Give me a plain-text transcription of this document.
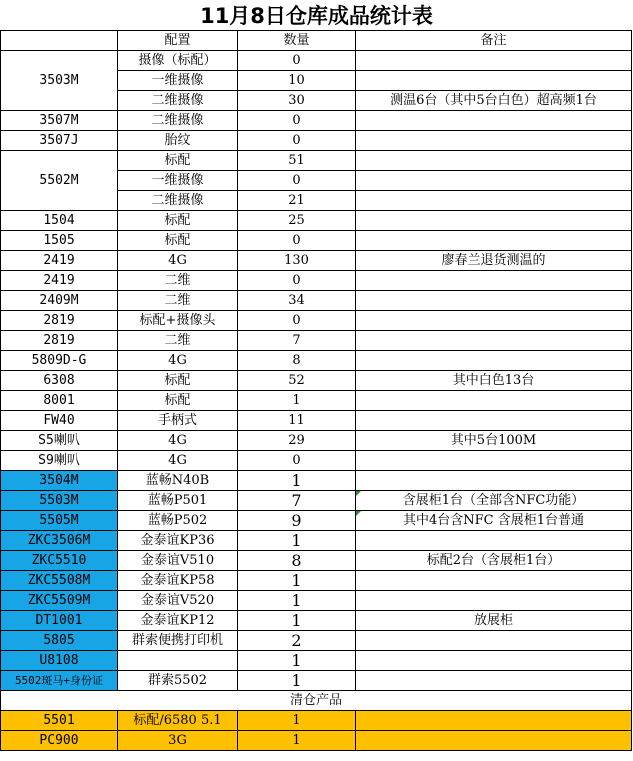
11月8日仓库成品统计表
	配置	数量	备注
3503M	摄像（标配）	0	
	一维摄像	10	
	二维摄像	30	测温6台（其中5台白色）超高频1台
3507M	二维摄像	0	
3507J	胎纹	0	
5502M	标配	51	
	一维摄像	0	
	二维摄像	21	
1504	标配	25	
1505	标配	0	
2419	4G	130	廖春兰退货测温的
2419	二维	0	
2409M	二维	34	
2819	标配+摄像头	0	
2819	二维	7	
5809D-G	4G	8	
6308	标配	52	其中白色13台
8001	标配	1	
FW40	手柄式	11	
S5喇叭	4G	29	其中5台100M
S9喇叭	4G	0	
3504M	蓝畅N40B	1	
5503M	蓝畅P501	7	含展柜1台（全部含NFC功能）
5505M	蓝畅P502	9	其中4台含NFC 含展柜1台普通
ZKC3506M	金泰谊KP36	1	
ZKC5510	金泰谊V510	8	标配2台（含展柜1台）
ZKC5508M	金泰谊KP58	1	
ZKC5509M	金泰谊V520	1	
DT1001	金泰谊KP12	1	放展柜
5805	群索便携打印机	2	
U8108		1	
5502斑马+身份证	群索5502	1	
清仓产品			
5501	标配/6580 5.1	1	
PC900	3G	1	
